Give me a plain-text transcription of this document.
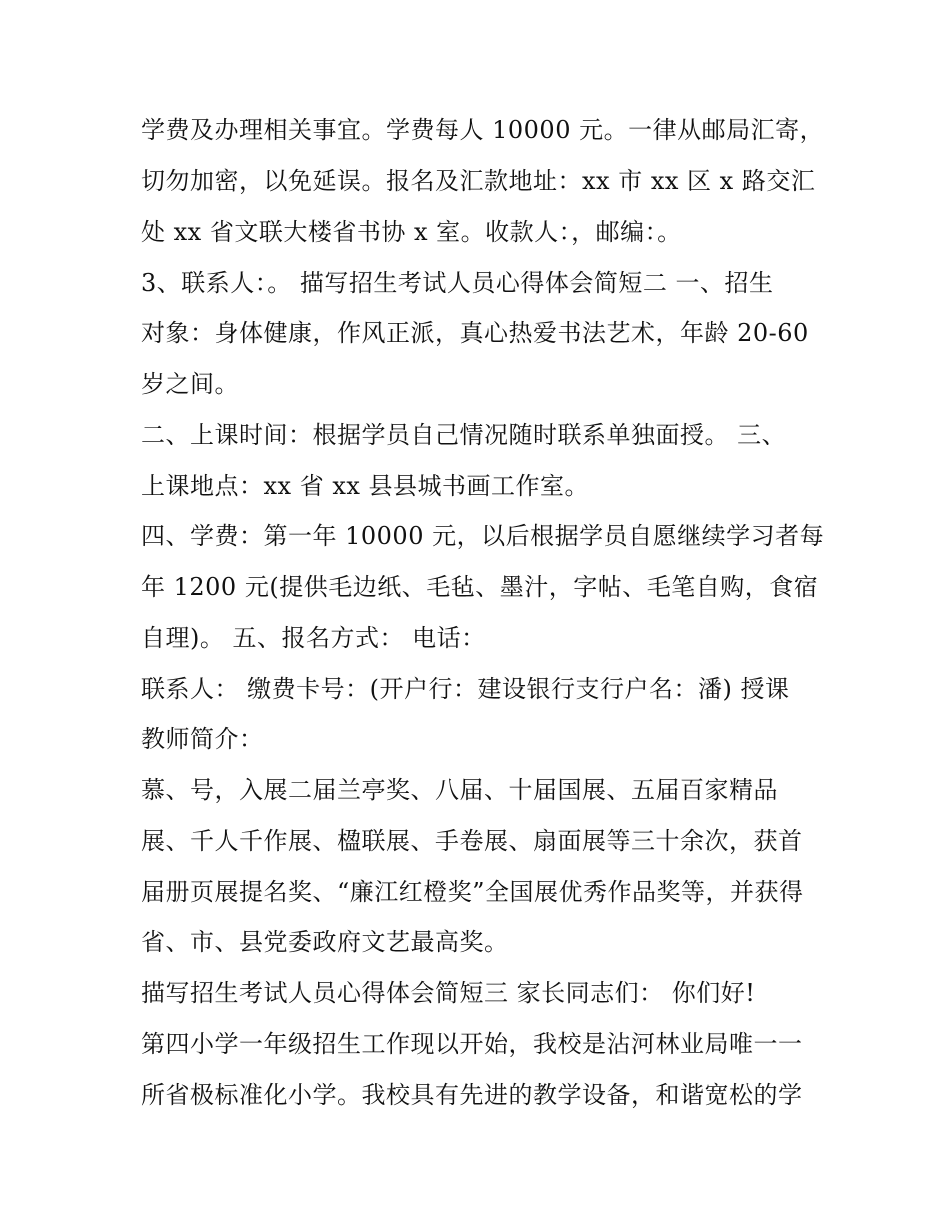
学费及办理相关事宜。学费每人 10000 元。一律从邮局汇寄，
切勿加密，以免延误。报名及汇款地址：xx 市 xx 区 x 路交汇
处 xx 省文联大楼省书协 x 室。收款人：，邮编：。
3、联系人：。 描写招生考试人员心得体会简短二 一、招生
对象：身体健康，作风正派，真心热爱书法艺术，年龄 20-60
岁之间。
二、上课时间：根据学员自己情况随时联系单独面授。 三、
上课地点：xx 省 xx 县县城书画工作室。
四、学费：第一年 10000 元，以后根据学员自愿继续学习者每
年 1200 元(提供毛边纸、毛毡、墨汁，字帖、毛笔自购，食宿
自理)。 五、报名方式： 电话：
联系人： 缴费卡号：(开户行：建设银行支行户名：潘) 授课
教师简介：
慕、号，入展二届兰亭奖、八届、十届国展、五届百家精品
展、千人千作展、楹联展、手卷展、扇面展等三十余次，获首
届册页展提名奖、“廉江红橙奖”全国展优秀作品奖等，并获得
省、市、县党委政府文艺最高奖。
描写招生考试人员心得体会简短三 家长同志们： 你们好!
第四小学一年级招生工作现以开始，我校是沾河林业局唯一一
所省极标准化小学。我校具有先进的教学设备，和谐宽松的学
